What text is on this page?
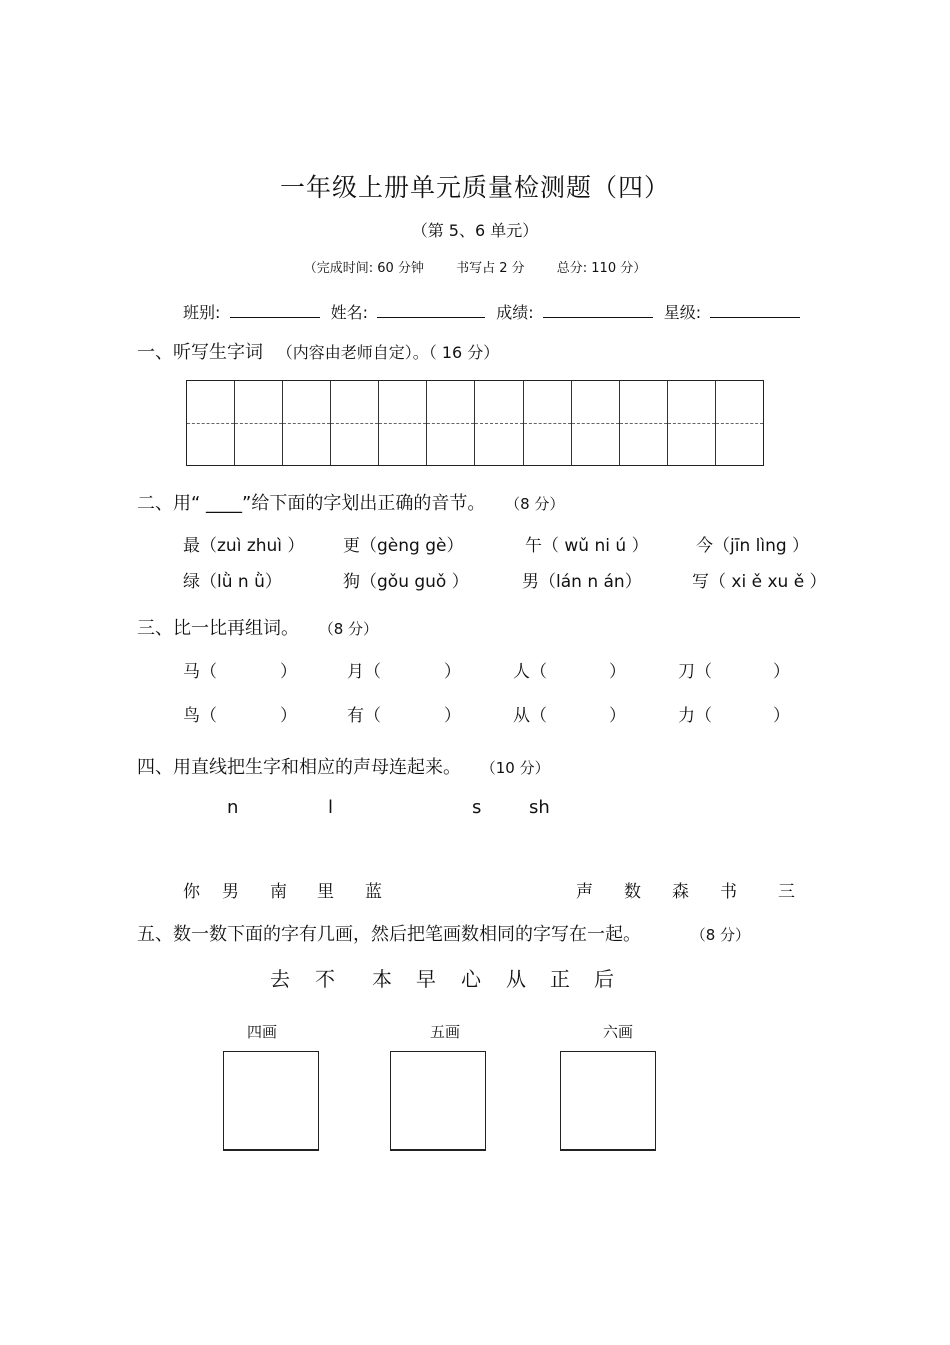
一年级上册单元质量检测题（四）
（第 5、6 单元）
（完成时间: 60 分钟 书写占 2 分 总分: 110 分）
班别:	姓名:	成绩:	星级:
一、听写生字词 （内容由老师自定）。（ 16 分）
二、用“ ____”给下面的字划出正确的音节。 （8 分）
最（zuì zhuì ） 更（gèng gè）	午（ wǔ ni ú ）	今（jīn lìng ）
绿（lǜ n ǜ）	狗（gǒu guǒ ）	男（lán n án）	写（ xi ě xu ě ）
三、比一比再组词。 （8 分）
马（	）	月（	）	人（	）	刀（	）
鸟（	）	有（	）	从（	）	力（	）
四、用直线把生字和相应的声母连起来。 （10 分）
n	l	s	sh
你 男 南 里 蓝	声 数 森 书 三
五、数一数下面的字有几画，然后把笔画数相同的字写在一起。	（8 分）
去 不 本 早 心 从 正 后
四画	五画	六画
